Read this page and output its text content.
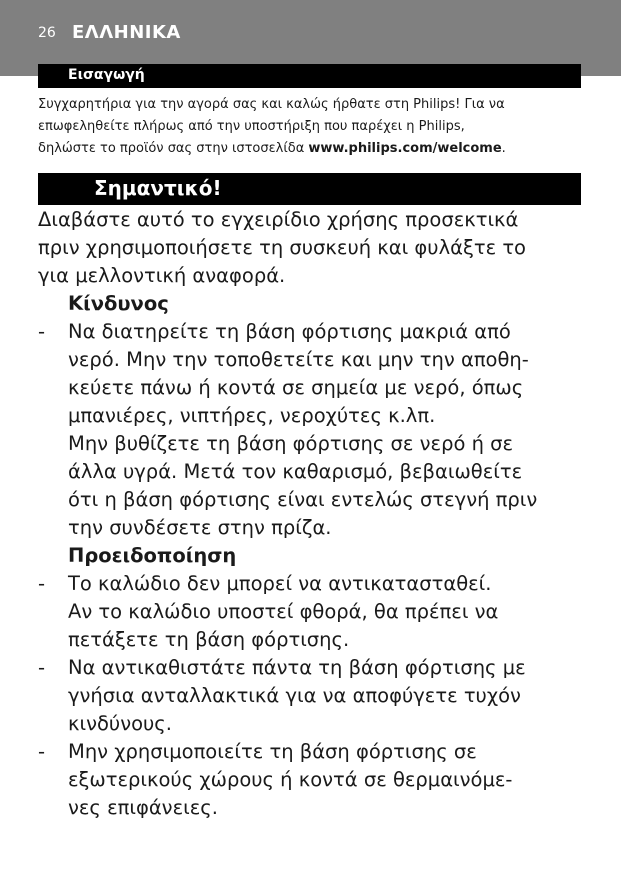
26 ΕΛΛΗΝΙΚΑ
Εισαγωγή
Συγχαρητήρια για την αγορά σας και καλώς ήρθατε στη Philips! Για να
επωφεληθείτε πλήρως από την υποστήριξη που παρέχει η Philips,
δηλώστε το προϊόν σας στην ιστοσελίδα www.philips.com/welcome.
Σημαντικό!
Διαβάστε αυτό το εγχειρίδιο χρήσης προσεκτικά
πριν χρησιμοποιήσετε τη συσκευή και φυλάξτε το
για μελλοντική αναφορά.
Κίνδυνος
-	Να διατηρείτε τη βάση φόρτισης μακριά από
νερό. Μην την τοποθετείτε και μην την αποθη-
κεύετε πάνω ή κοντά σε σημεία με νερό, όπως
μπανιέρες, νιπτήρες, νεροχύτες κ.λπ.
Μην βυθίζετε τη βάση φόρτισης σε νερό ή σε
άλλα υγρά. Μετά τον καθαρισμό, βεβαιωθείτε
ότι η βάση φόρτισης είναι εντελώς στεγνή πριν
την συνδέσετε στην πρίζα.
Προειδοποίηση
-	Το καλώδιο δεν μπορεί να αντικατασταθεί.
Αν το καλώδιο υποστεί φθορά, θα πρέπει να
πετάξετε τη βάση φόρτισης.
-	Να αντικαθιστάτε πάντα τη βάση φόρτισης με
γνήσια ανταλλακτικά για να αποφύγετε τυχόν
κινδύνους.
-	Μην χρησιμοποιείτε τη βάση φόρτισης σε
εξωτερικούς χώρους ή κοντά σε θερμαινόμε-
νες επιφάνειες.
